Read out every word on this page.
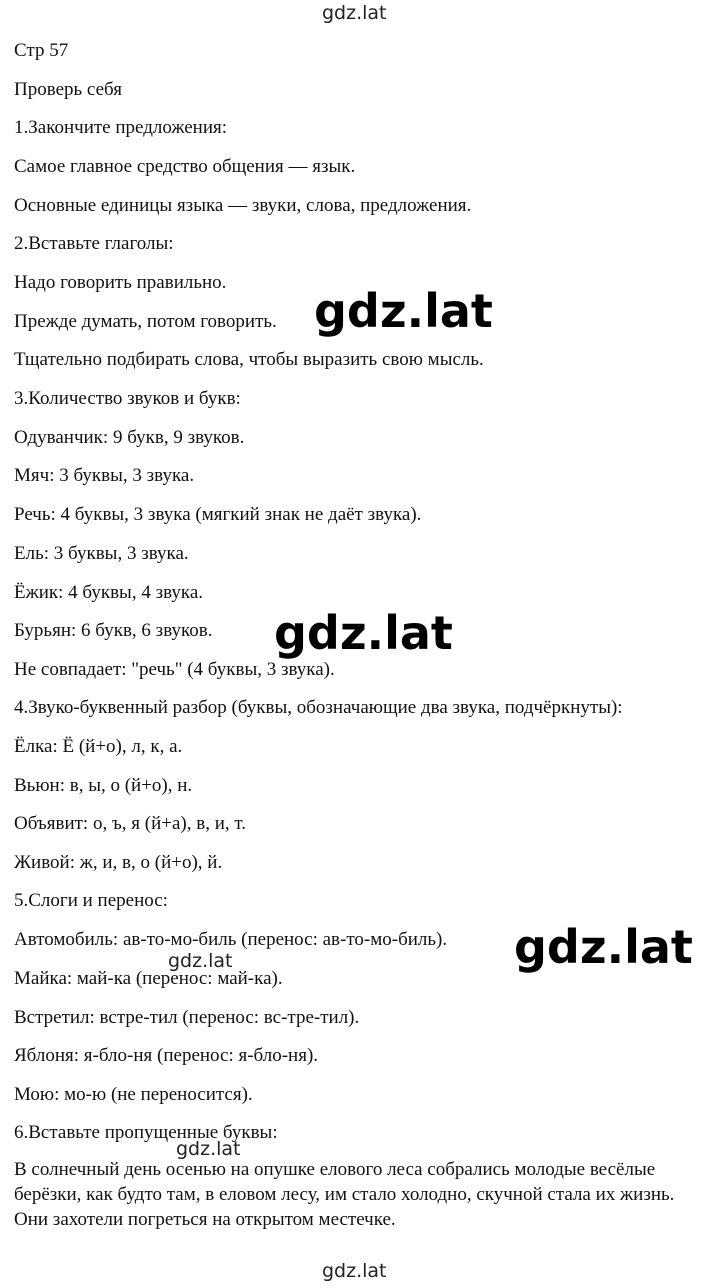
Стр 57
Проверь себя
1.Закончите предложения:
Самое главное средство общения — язык.
Основные единицы языка — звуки, слова, предложения.
2.Вставьте глаголы:
Надо говорить правильно.
Прежде думать, потом говорить.
Тщательно подбирать слова, чтобы выразить свою мысль.
3.Количество звуков и букв:
Одуванчик: 9 букв, 9 звуков.
Мяч: 3 буквы, 3 звука.
Речь: 4 буквы, 3 звука (мягкий знак не даёт звука).
Ель: 3 буквы, 3 звука.
Ёжик: 4 буквы, 4 звука.
Бурьян: 6 букв, 6 звуков.
Не совпадает: "речь" (4 буквы, 3 звука).
4.Звуко-буквенный разбор (буквы, обозначающие два звука, подчёркнуты):
Ёлка: Ё (й+о), л, к, а.
Вьюн: в, ы, о (й+о), н.
Объявит: о, ъ, я (й+а), в, и, т.
Живой: ж, и, в, о (й+о), й.
5.Слоги и перенос:
Автомобиль: ав-то-мо-биль (перенос: ав-то-мо-биль).
Майка: май-ка (перенос: май-ка).
Встретил: встре-тил (перенос: вс-тре-тил).
Яблоня: я-бло-ня (перенос: я-бло-ня).
Мою: мо-ю (не переносится).
6.Вставьте пропущенные буквы:
В солнечный день осенью на опушке елового леса собрались молодые весёлые берёзки, как будто там, в еловом лесу, им стало холодно, скучной стала их жизнь. Они захотели погреться на открытом местечке.
gdz.lat
gdz.lat
gdz.lat
gdz.lat
gdz.lat
gdz.lat
gdz.lat
